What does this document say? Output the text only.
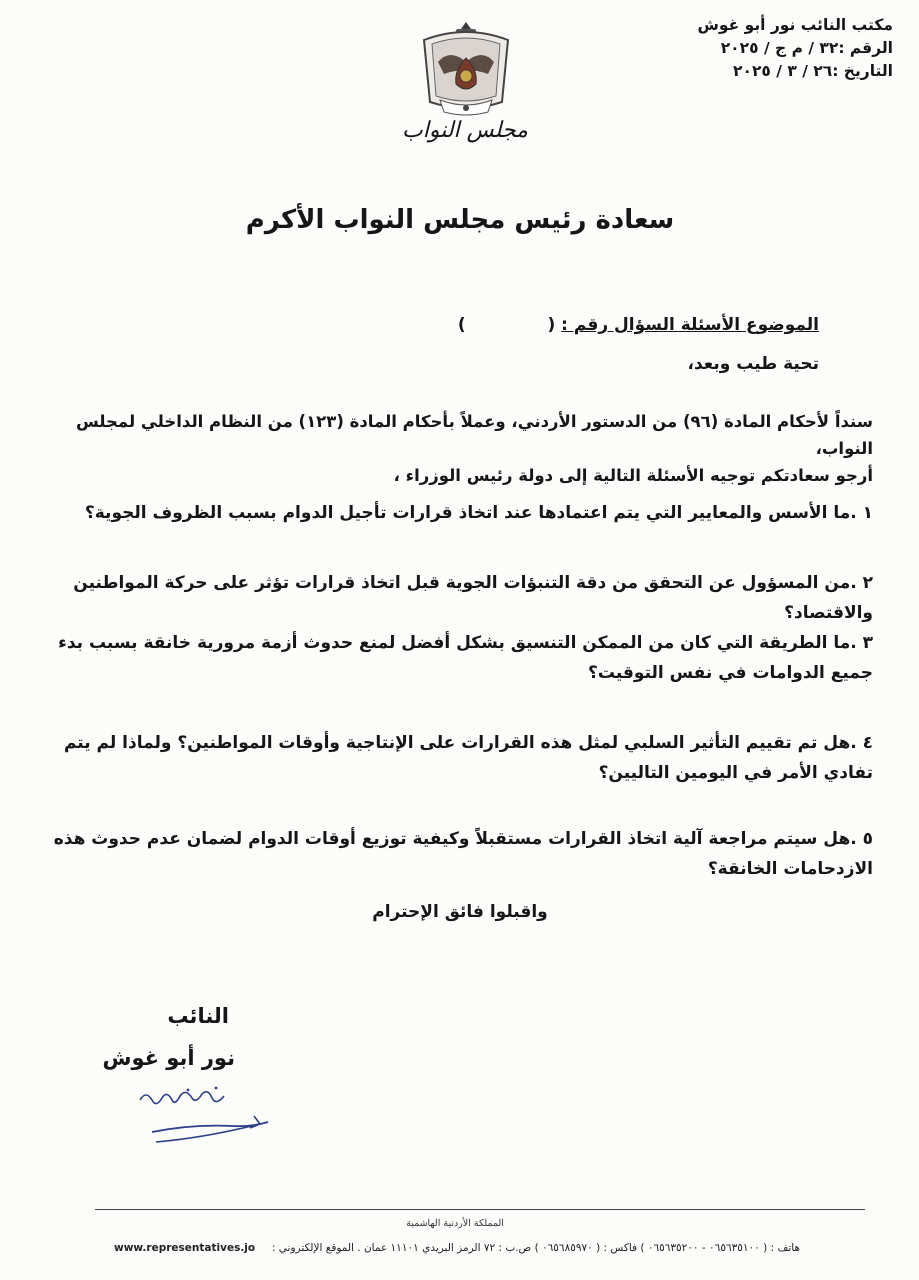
مكتب النائب نور أبو غوش
الرقم :٣٢ / م ج / ٢٠٢٥
التاريخ :٢٦ / ٣ / ٢٠٢٥
مجلس النواب
سعادة رئيس مجلس النواب الأكرم
الموضوع الأسئلة السؤال رقم : (  )
تحية طيب وبعد،
سنداً لأحكام المادة (٩٦) من الدستور الأردني، وعملاً بأحكام المادة (١٢٣) من النظام الداخلي لمجلس النواب،
أرجو سعادتكم توجيه الأسئلة التالية إلى دولة رئيس الوزراء ،
١ .ما الأسس والمعايير التي يتم اعتمادها عند اتخاذ قرارات تأجيل الدوام بسبب الظروف الجوية؟
٢ .من المسؤول عن التحقق من دقة التنبؤات الجوية قبل اتخاذ قرارات تؤثر على حركة المواطنين والاقتصاد؟
٣ .ما الطريقة التي كان من الممكن التنسيق بشكل أفضل لمنع حدوث أزمة مرورية خانقة بسبب بدء جميع الدوامات في نفس التوقيت؟
٤ .هل تم تقييم التأثير السلبي لمثل هذه القرارات على الإنتاجية وأوقات المواطنين؟ ولماذا لم يتم تفادي الأمر في اليومين التاليين؟
٥ .هل سيتم مراجعة آلية اتخاذ القرارات مستقبلاً وكيفية توزيع أوقات الدوام لضمان عدم حدوث هذه الازدحامات الخانقة؟
واقبلوا فائق الإحترام
النائب
نور أبو غوش
المملكة الأردنية الهاشمية
هاتف : ( ٠٦٥٦٣٥١٠٠ - ٠٦٥٦٣٥٢٠٠ ) فاكس : ( ٠٦٥٦٨٥٩٧٠ ) ص.ب : ٧٢ الرمز البريدي ١١١٠١ عمان . الموقع الإلكتروني :
www.representatives.jo
